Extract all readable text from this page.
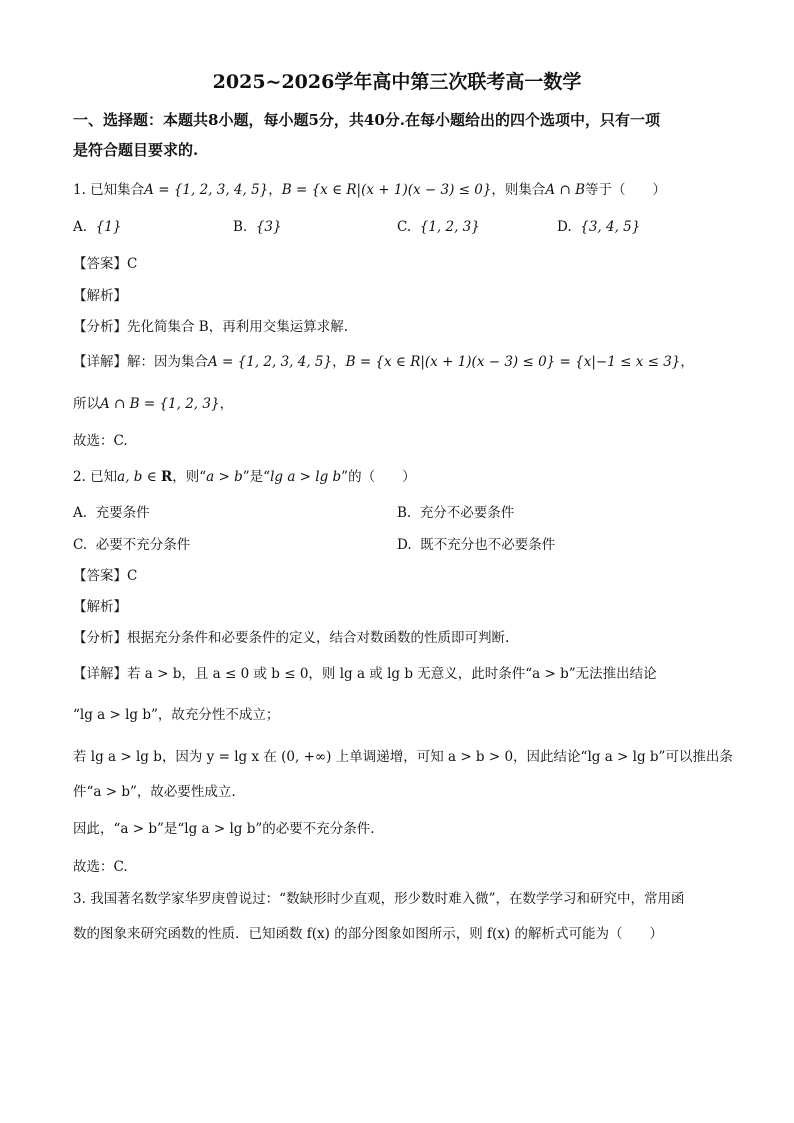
2025~2026学年高中第三次联考高一数学
一、选择题：本题共8小题，每小题5分，共40分.在每小题给出的四个选项中，只有一项
是符合题目要求的.
1. 已知集合A = {1, 2, 3, 4, 5}，B = {x ∈ R|(x + 1)(x − 3) ≤ 0}，则集合A ∩ B等于（　　）
A. {1}	B. {3}	C. {1, 2, 3}	D. {3, 4, 5}
【答案】C
【解析】
【分析】先化简集合 B，再利用交集运算求解.
【详解】解：因为集合A = {1, 2, 3, 4, 5}，B = {x ∈ R|(x + 1)(x − 3) ≤ 0} = {x|−1 ≤ x ≤ 3}，
所以A ∩ B = {1, 2, 3}，
故选：C.
2. 已知a, b ∈ R，则“a > b”是“lg a > lg b”的（　　）
A. 充要条件	B. 充分不必要条件
C. 必要不充分条件	D. 既不充分也不必要条件
【答案】C
【解析】
【分析】根据充分条件和必要条件的定义，结合对数函数的性质即可判断.
【详解】若 a > b，且 a ≤ 0 或 b ≤ 0，则 lg a 或 lg b 无意义，此时条件“a > b”无法推出结论
“lg a > lg b”，故充分性不成立；
若 lg a > lg b，因为 y = lg x 在 (0, +∞) 上单调递增，可知 a > b > 0，因此结论“lg a > lg b”可以推出条
件“a > b”，故必要性成立.
因此，“a > b”是“lg a > lg b”的必要不充分条件.
故选：C.
3. 我国著名数学家华罗庚曾说过：“数缺形时少直观，形少数时难入微”，在数学学习和研究中，常用函
数的图象来研究函数的性质．已知函数 f(x) 的部分图象如图所示，则 f(x) 的解析式可能为（　　）
